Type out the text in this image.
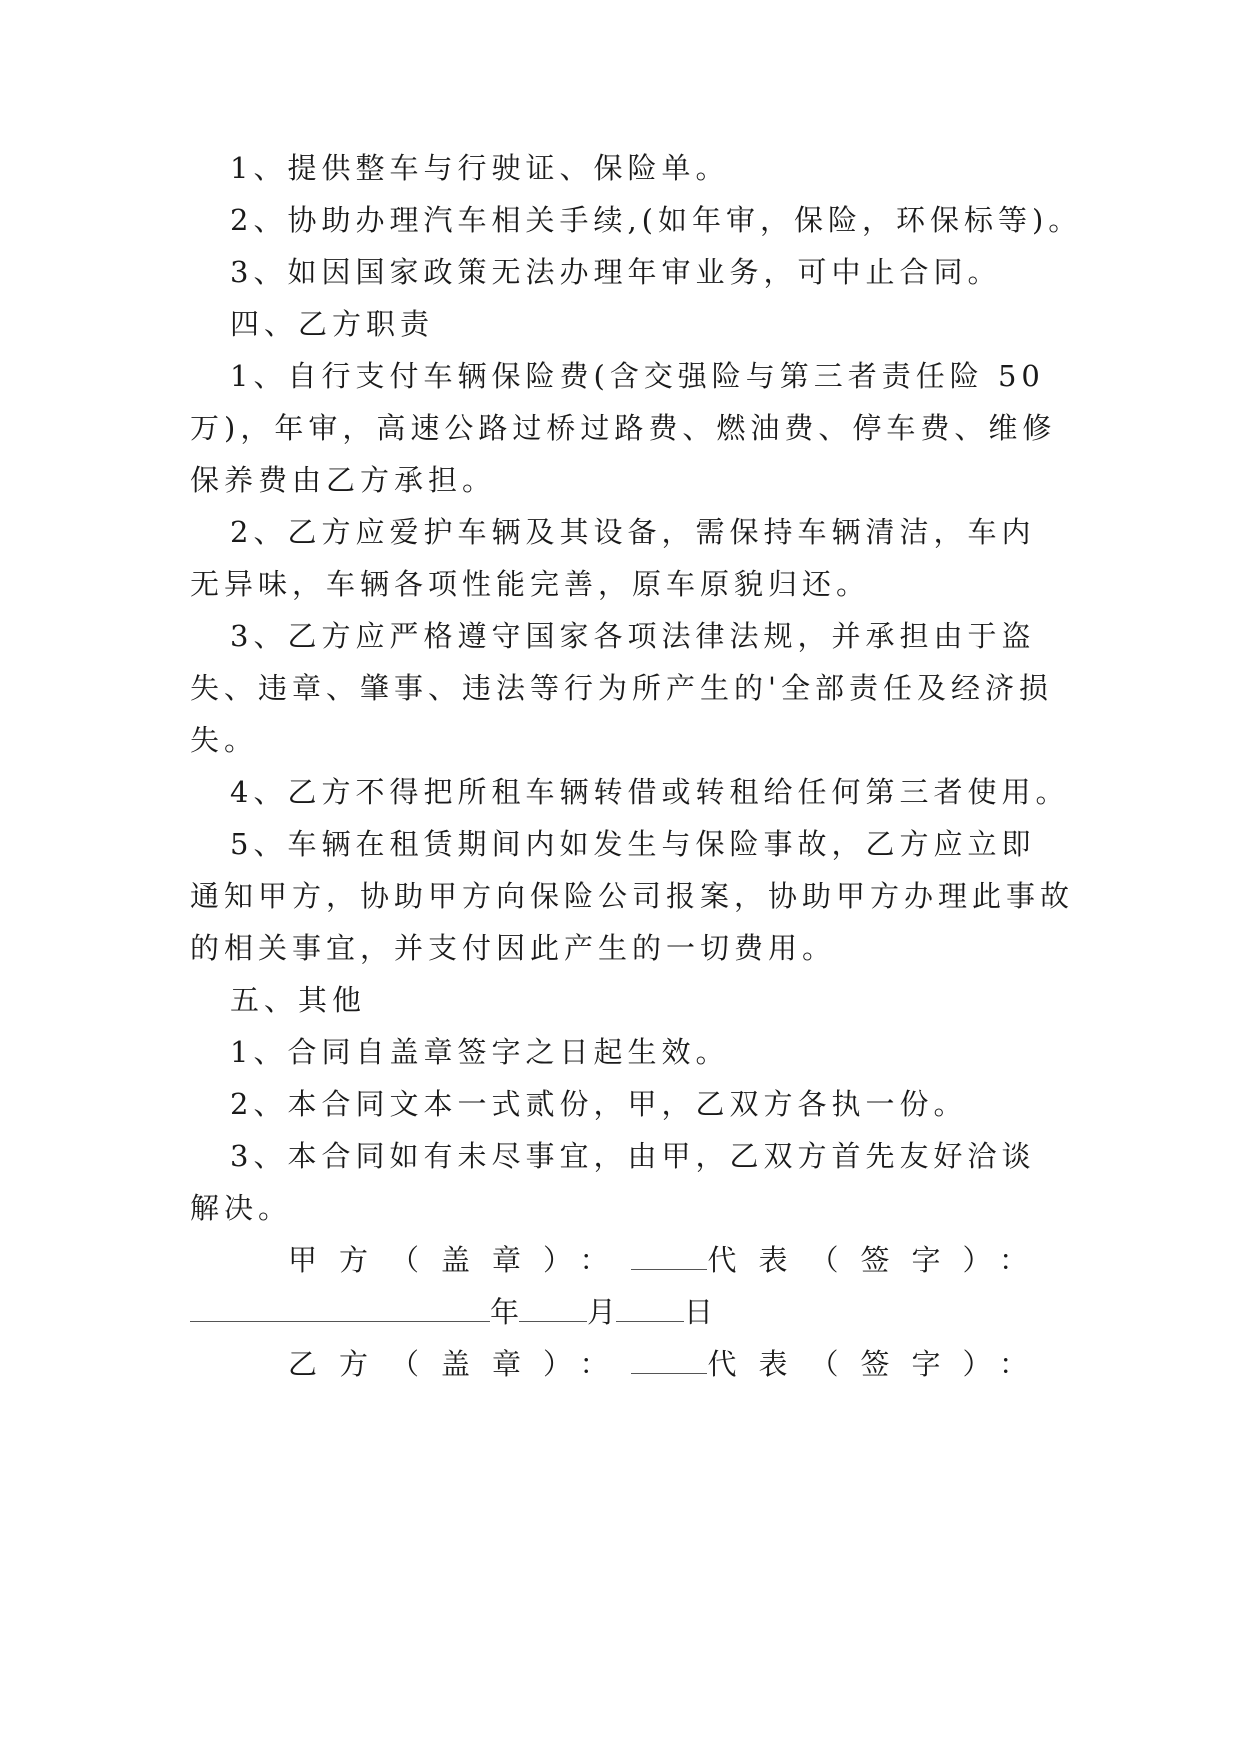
1、提供整车与行驶证、保险单。
2、协助办理汽车相关手续,(如年审，保险，环保标等)。
3、如因国家政策无法办理年审业务，可中止合同。
四、乙方职责
1、自行支付车辆保险费(含交强险与第三者责任险 50
万)，年审，高速公路过桥过路费、燃油费、停车费、维修
保养费由乙方承担。
2、乙方应爱护车辆及其设备，需保持车辆清洁，车内
无异味，车辆各项性能完善，原车原貌归还。
3、乙方应严格遵守国家各项法律法规，并承担由于盗
失、违章、肇事、违法等行为所产生的'全部责任及经济损
失。
4、乙方不得把所租车辆转借或转租给任何第三者使用。
5、车辆在租赁期间内如发生与保险事故，乙方应立即
通知甲方，协助甲方向保险公司报案，协助甲方办理此事故
的相关事宜，并支付因此产生的一切费用。
五、其他
1、合同自盖章签字之日起生效。
2、本合同文本一式贰份，甲，乙双方各执一份。
3、本合同如有未尽事宜，由甲，乙双方首先友好洽谈
解决。
甲方（盖章）：	代表（签字）：
年 月 日
乙方（盖章）：	代表（签字）：
